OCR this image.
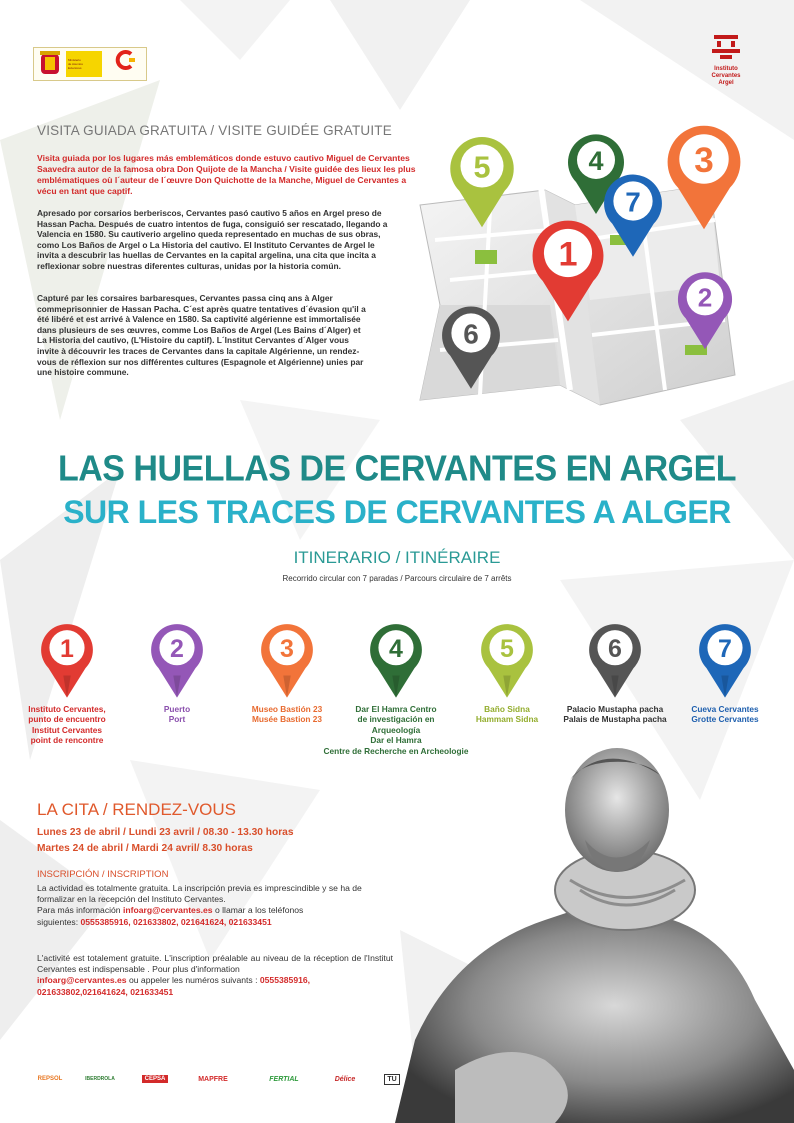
Ministerio
de Asuntos
Exteriores	Instituto
Cervantes
Argel
VISITA GUIADA GRATUITA / VISITE GUIDÉE GRATUITE
Visita guiada por los lugares más emblemáticos donde estuvo cautivo Miguel de Cervantes Saavedra autor de la famosa obra Don Quijote de la Mancha / Visite guidée des lieux les plus emblématiques où l´auteur de l´œuvre Don Quichotte de la Manche, Miguel de Cervantes a vécu en tant que captif.
Apresado por corsarios berberiscos, Cervantes pasó cautivo 5 años en Argel preso de Hassan Pacha. Después de cuatro intentos de fuga, consiguió ser rescatado, llegando a Valencia en 1580. Su cautiverio argelino queda representado en muchas de sus obras, como Los Baños de Argel o La Historia del cautivo. El Instituto Cervantes de Argel le invita a descubrir las huellas de Cervantes en la capital argelina, una cita que incita a reflexionar sobre nuestras diferentes culturas, unidas por la historia común.
Capturé par les corsaires barbaresques, Cervantes passa cinq ans à Alger commeprisonnier de Hassan Pacha. C´est après quatre tentatives d´évasion qu'il a été libéré et est arrivé à Valence en 1580. Sa captivité algérienne est immortalisée dans plusieurs de ses œuvres, comme Los Baños de Argel (Les Bains d´Alger) et La Historia del cautivo, (L'Histoire du captif). L´Institut Cervantes d´Alger vous invite à découvrir les traces de Cervantes dans la capitale Algérienne, un rendez-vous de réflexion sur nos différentes cultures (Espagnole et Algérienne) unies par une histoire commune.
5	4	3
7
1
2
6
LAS HUELLAS DE CERVANTES EN ARGEL
SUR LES TRACES DE CERVANTES A ALGER
ITINERARIO / ITINÉRAIRE
Recorrido circular con 7 paradas / Parcours circulaire de 7 arrêts
1
Instituto Cervantes,
punto de encuentro
Institut Cervantes
point de rencontre
2
Puerto
Port
3
Museo Bastión 23
Musée Bastion 23
4
Dar El Hamra Centro
de investigación en
Arqueología
Dar el Hamra
Centre de Recherche en Archeologie
5
Baño Sidna
Hammam Sidna
6
Palacio Mustapha pacha
Palais de Mustapha pacha
7
Cueva Cervantes
Grotte Cervantes
LA CITA / RENDEZ-VOUS
Lunes 23 de abril / Lundi 23 avril / 08.30 - 13.30 horas
Martes 24 de abril / Mardi 24 avril/ 8.30 horas
INSCRIPCIÓN / INSCRIPTION
La actividad es totalmente gratuita. La inscripción previa es imprescindible y se ha de formalizar en la recepción del Instituto Cervantes.
Para más información infoarg@cervantes.es o llamar a los teléfonos
siguientes: 0555385916, 021633802, 021641624, 021633451
L'activité est totalement gratuite. L'inscription préalable au niveau de la réception de l'Institut Cervantes est indispensable . Pour plus d'information
infoarg@cervantes.es ou appeler les numéros suivants : 0555385916,
021633802,021641624, 021633451
REPSOL	IBERDROLA	CEPSA	MAPFRE	FERTIAL	Délice	TU
